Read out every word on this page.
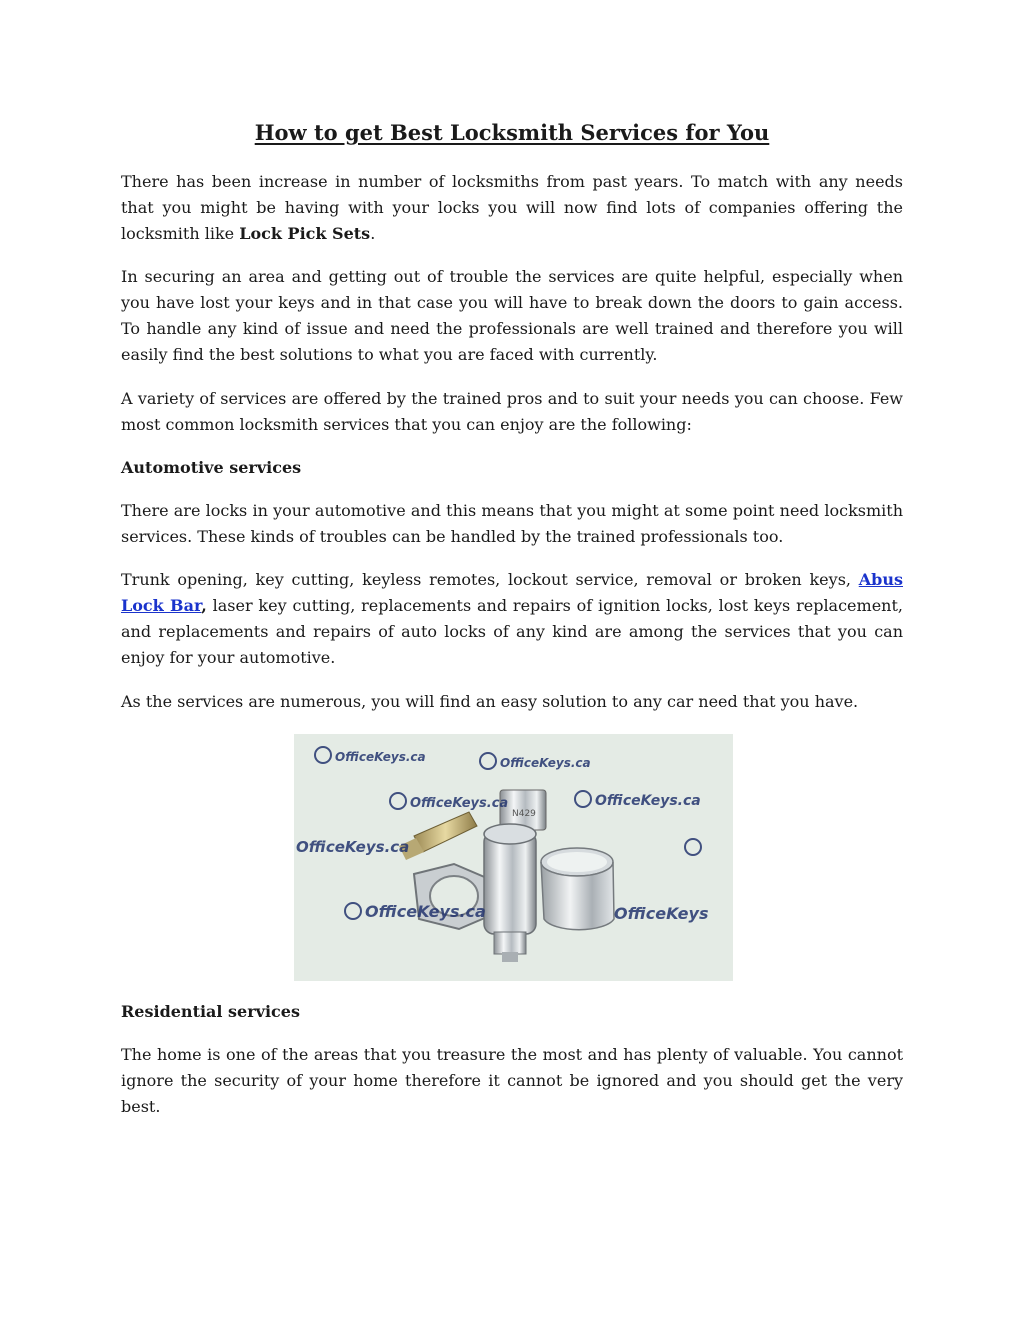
How to get Best Locksmith Services for You

There has been increase in number of locksmiths from past years. To match with any needs that you might be having with your locks you will now find lots of companies offering the locksmith like Lock Pick Sets.

In securing an area and getting out of trouble the services are quite helpful, especially when you have lost your keys and in that case you will have to break down the doors to gain access. To handle any kind of issue and need the professionals are well trained and therefore you will easily find the best solutions to what you are faced with currently.

A variety of services are offered by the trained pros and to suit your needs you can choose. Few most common locksmith services that you can enjoy are the following:

Automotive services

There are locks in your automotive and this means that you might at some point need locksmith services. These kinds of troubles can be handled by the trained professionals too.

Trunk opening, key cutting, keyless remotes, lockout service, removal or broken keys, Abus Lock Bar, laser key cutting, replacements and repairs of ignition locks, lost keys replacement, and replacements and repairs of auto locks of any kind are among the services that you can enjoy for your automotive.

As the services are numerous, you will find an easy solution to any car need that you have.

N429
OfficeKeys.ca	OfficeKeys.ca
OfficeKeys.ca	OfficeKeys.ca
OfficeKeys.ca
OfficeKeys.ca	OfficeKeys

Residential services

The home is one of the areas that you treasure the most and has plenty of valuable. You cannot ignore the security of your home therefore it cannot be ignored and you should get the very best.
